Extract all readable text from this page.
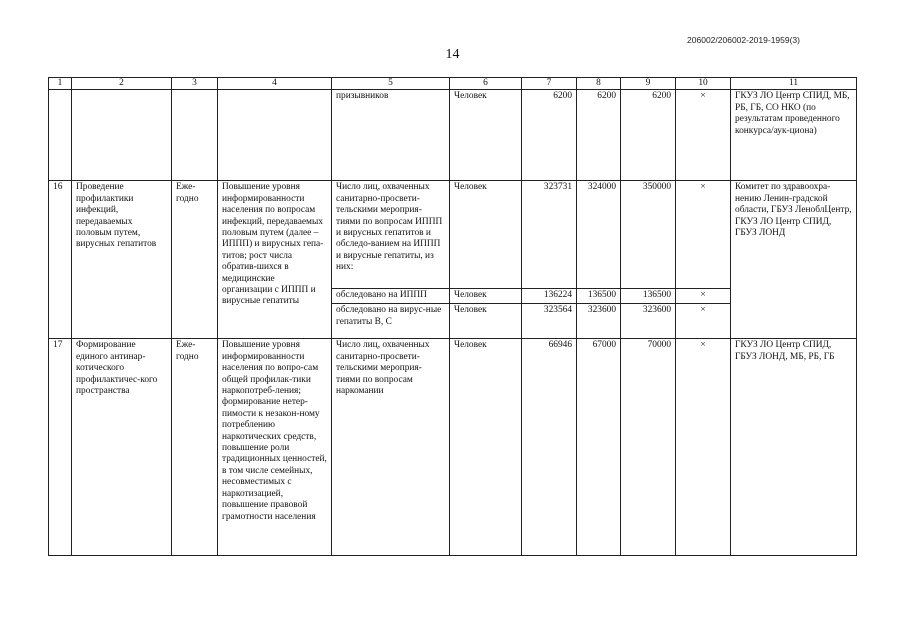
206002/206002-2019-1959(3)
14
1	2	3	4	5	6	7	8	9	10	11
				призывников	Человек	6200	6200	6200	×	ГКУЗ ЛО Центр СПИД, МБ, РБ, ГБ, СО НКО (по результатам проведенного конкурса/аук-циона)
16	Проведение профилактики инфекций, передаваемых половым путем, вирусных гепатитов	Еже-годно	Повышение уровня информированности населения по вопросам инфекций, передаваемых половым путем (далее – ИППП) и вирусных гепа-титов; рост числа обратив-шихся в медицинские организации с ИППП и вирусные гепатиты	Число лиц, охваченных санитарно-просвети-тельскими мероприя-тиями по вопросам ИППП и вирусных гепатитов и обследо-ванием на ИППП и вирусные гепатиты, из них:	Человек	323731	324000	350000	×	Комитет по здравоохра-нению Ленин-градской области, ГБУЗ ЛенoблЦентр, ГКУЗ ЛО Центр СПИД, ГБУЗ ЛОНД
				обследовано на ИППП	Человек	136224	136500	136500	×	
				обследовано на вирус-ные гепатиты В, С	Человек	323564	323600	323600	×	
17	Формирование единого антинар-котического профилактичес-кого пространства	Еже-годно	Повышение уровня информированности населения по вопро-сам общей профилак-тики наркопотреб-ления; формирование нетер-пимости к незакон-ному потреблению наркотических средств, повышение роли традиционных ценностей, в том числе семейных, несовместимых с наркотизацией, повышение правовой грамотности населения	Число лиц, охваченных санитарно-просвети-тельскими мероприя-тиями по вопросам наркомании	Человек	66946	67000	70000	×	ГКУЗ ЛО Центр СПИД, ГБУЗ ЛОНД, МБ, РБ, ГБ
